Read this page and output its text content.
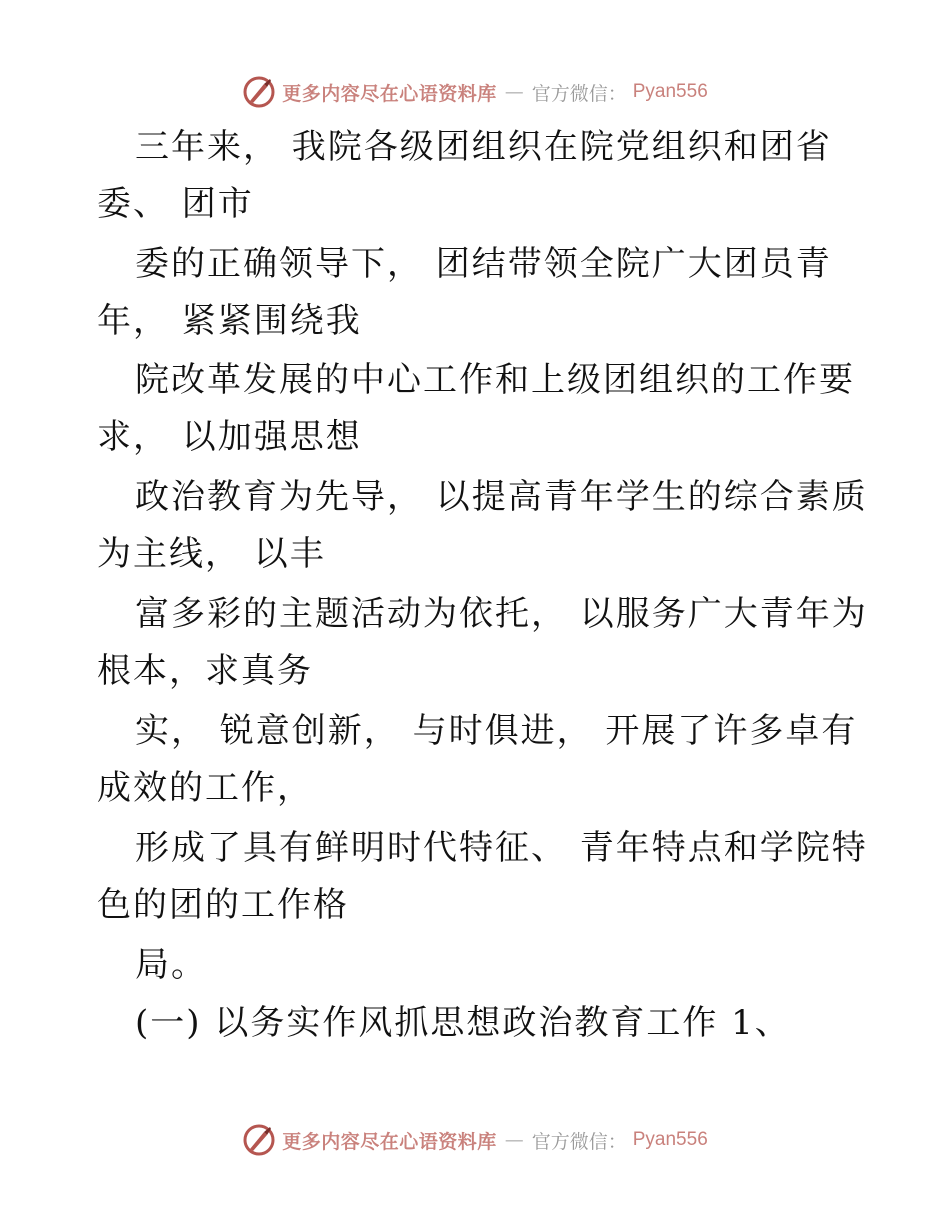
更多内容尽在心语资料库 — 官方微信： Pyan556
三年来， 我院各级团组织在院党组织和团省
委、 团市
委的正确领导下， 团结带领全院广大团员青
年， 紧紧围绕我
院改革发展的中心工作和上级团组织的工作要
求， 以加强思想
政治教育为先导， 以提高青年学生的综合素质
为主线， 以丰
富多彩的主题活动为依托， 以服务广大青年为
根本，求真务
实， 锐意创新， 与时俱进， 开展了许多卓有
成效的工作，
形成了具有鲜明时代特征、 青年特点和学院特
色的团的工作格
局。
(一) 以务实作风抓思想政治教育工作 1、
更多内容尽在心语资料库 — 官方微信： Pyan556
